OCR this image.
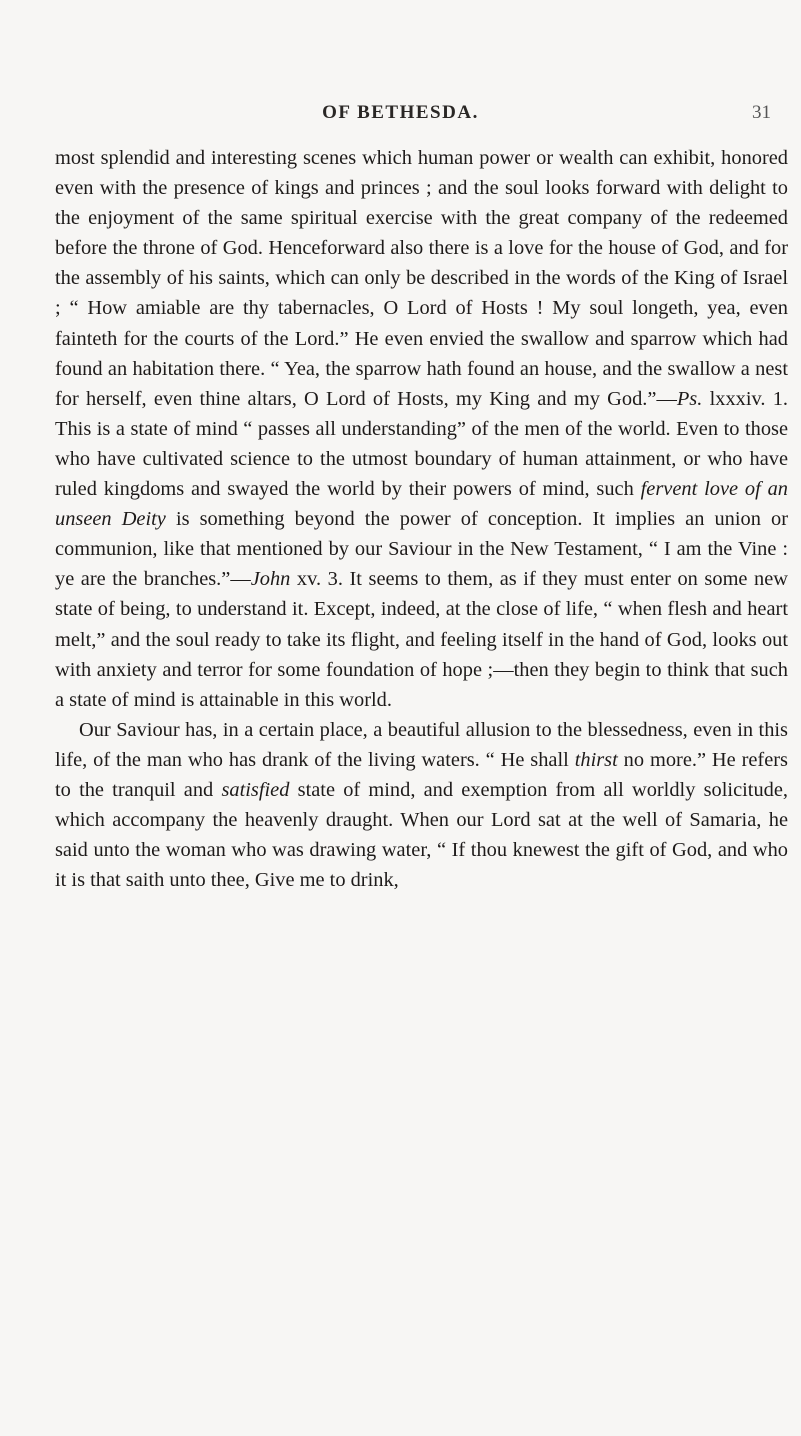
OF BETHESDA.	31

most splendid and interesting scenes which human power or wealth can exhibit, honored even with the presence of kings and princes ; and the soul looks forward with delight to the enjoyment of the same spiritual exercise with the great company of the redeemed before the throne of God. Henceforward also there is a love for the house of God, and for the assembly of his saints, which can only be described in the words of the King of Israel ; “ How amiable are thy tabernacles, O Lord of Hosts ! My soul longeth, yea, even fainteth for the courts of the Lord.” He even envied the swallow and sparrow which had found an habitation there. “ Yea, the sparrow hath found an house, and the swallow a nest for herself, even thine altars, O Lord of Hosts, my King and my God.”—Ps. lxxxiv. 1. This is a state of mind “ passes all understanding” of the men of the world. Even to those who have cultivated science to the utmost boundary of human attainment, or who have ruled kingdoms and swayed the world by their powers of mind, such fervent love of an unseen Deity is something beyond the power of conception. It implies an union or communion, like that mentioned by our Saviour in the New Testament, “ I am the Vine : ye are the branches.”—John xv. 3. It seems to them, as if they must enter on some new state of being, to understand it. Except, indeed, at the close of life, “ when flesh and heart melt,” and the soul ready to take its flight, and feeling itself in the hand of God, looks out with anxiety and terror for some foundation of hope ;—then they begin to think that such a state of mind is attainable in this world.

Our Saviour has, in a certain place, a beautiful allusion to the blessedness, even in this life, of the man who has drank of the living waters. “ He shall thirst no more.” He refers to the tranquil and satisfied state of mind, and exemption from all worldly solicitude, which accompany the heavenly draught. When our Lord sat at the well of Samaria, he said unto the woman who was drawing water, “ If thou knewest the gift of God, and who it is that saith unto thee, Give me to drink,
